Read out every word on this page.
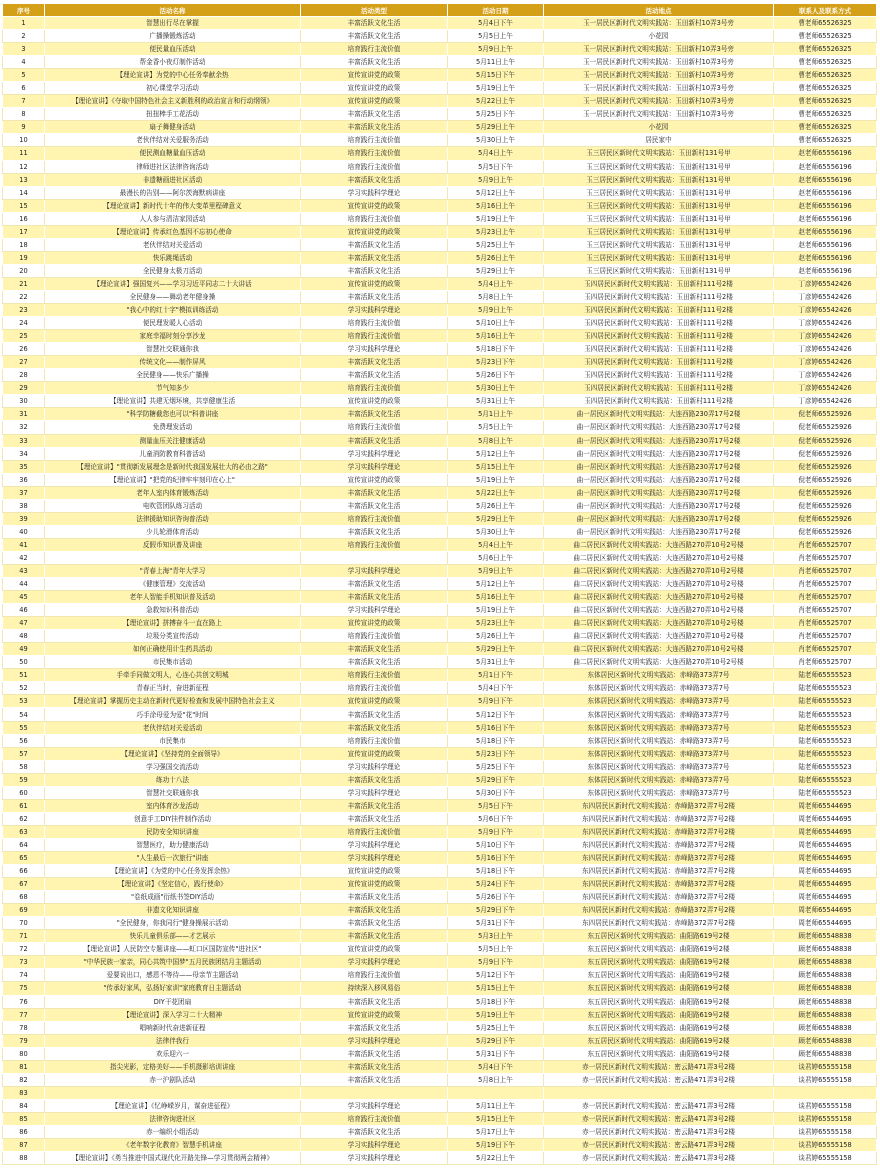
序号	活动名称	活动类型	活动日期	活动地点	联系人及联系方式
1	智慧出行尽在掌握	丰富活跃文化生活	5月4日下午	玉一居民区新时代文明实践站：玉田新村10弄3号旁	曹老师65526325
2	广播操锻炼活动	丰富活跃文化生活	5月5日上午	小花园	曹老师65526325
3	便民量血压活动	培育践行主流价值	5月9日上午	玉一居民区新时代文明实践站：玉田新村10弄3号旁	曹老师65526325
4	帮金香小夜灯制作活动	丰富活跃文化生活	5月11日上午	玉一居民区新时代文明实践站：玉田新村10弄3号旁	曹老师65526325
5	【理论宣讲】为党的中心任务奉献余热	宣传宣讲党的政策	5月15日下午	玉一居民区新时代文明实践站：玉田新村10弄3号旁	曹老师65526325
6	初心课堂学习活动	宣传宣讲党的政策	5月19日上午	玉一居民区新时代文明实践站：玉田新村10弄3号旁	曹老师65526325
7	【理论宣讲】《夺取中国特色社会主义新胜利的政治宣言和行动纲领》	宣传宣讲党的政策	5月22日上午	玉一居民区新时代文明实践站：玉田新村10弄3号旁	曹老师65526325
8	扭扭棒手工花活动	丰富活跃文化生活	5月25日下午	玉一居民区新时代文明实践站：玉田新村10弄3号旁	曹老师65526325
9	扇子舞健身活动	丰富活跃文化生活	5月29日上午	小花园	曹老师65526325
10	老伙伴结对关爱服务活动	培育践行主流价值	5月30日上午	居民家中	曹老师65526325
11	便民测血糖量血压活动	培育践行主流价值	5月4日上午	玉三居民区新时代文明实践站：玉田新村131号甲	赵老师65556196
12	律师进社区法律咨询活动	培育践行主流价值	5月5日下午	玉三居民区新时代文明实践站：玉田新村131号甲	赵老师65556196
13	非遗糖画进社区活动	丰富活跃文化生活	5月9日上午	玉三居民区新时代文明实践站：玉田新村131号甲	赵老师65556196
14	最漫长的告别——阿尔茨海默病讲座	学习实践科学理论	5月12日上午	玉三居民区新时代文明实践站：玉田新村131号甲	赵老师65556196
15	【理论宣讲】新时代十年的伟大变革里程碑意义	宣传宣讲党的政策	5月16日上午	玉三居民区新时代文明实践站：玉田新村131号甲	赵老师65556196
16	人人参与清洁家园活动	培育践行主流价值	5月19日上午	玉三居民区新时代文明实践站：玉田新村131号甲	赵老师65556196
17	【理论宣讲】传承红色基因不忘初心使命	宣传宣讲党的政策	5月23日上午	玉三居民区新时代文明实践站：玉田新村131号甲	赵老师65556196
18	老伙伴结对关爱活动	丰富活跃文化生活	5月25日上午	玉三居民区新时代文明实践站：玉田新村131号甲	赵老师65556196
19	快乐跳绳活动	丰富活跃文化生活	5月26日上午	玉三居民区新时代文明实践站：玉田新村131号甲	赵老师65556196
20	全民健身太极刀活动	丰富活跃文化生活	5月29日上午	玉三居民区新时代文明实践站：玉田新村131号甲	赵老师65556196
21	【理论宣讲】强国复兴——学习习近平同志二十大讲话	宣传宣讲党的政策	5月4日上午	玉四居民区新时代文明实践站：玉田新村111号2楼	丁彦婷65542426
22	全民健身——舞动老年健身操	丰富活跃文化生活	5月8日上午	玉四居民区新时代文明实践站：玉田新村111号2楼	丁彦婷65542426
23	"我心中的红十字"模拟训练活动	学习实践科学理论	5月9日上午	玉四居民区新时代文明实践站：玉田新村111号2楼	丁彦婷65542426
24	便民理发暖人心活动	培育践行主流价值	5月10日上午	玉四居民区新时代文明实践站：玉田新村111号2楼	丁彦婷65542426
25	家庭幸福时刻分享沙龙	培育践行主流价值	5月16日上午	玉四居民区新时代文明实践站：玉田新村111号2楼	丁彦婷65542426
26	智慧社交联通你我	学习实践科学理论	5月18日下午	玉四居民区新时代文明实践站：玉田新村111号2楼	丁彦婷65542426
27	传统文化——制作屏风	丰富活跃文化生活	5月23日下午	玉四居民区新时代文明实践站：玉田新村111号2楼	丁彦婷65542426
28	全民健身——快乐广播操	丰富活跃文化生活	5月26日下午	玉四居民区新时代文明实践站：玉田新村111号2楼	丁彦婷65542426
29	节气知多少	培育践行主流价值	5月30日上午	玉四居民区新时代文明实践站：玉田新村111号2楼	丁彦婷65542426
30	【理论宣讲】共建无烟环境，共享健康生活	宣传宣讲党的政策	5月31日上午	玉四居民区新时代文明实践站：玉田新村111号2楼	丁彦婷65542426
31	"科学防糖截您也可以"科普讲座	丰富活跃文化生活	5月1日上午	曲一居民区新时代文明实践站：大连西路230弄17号2楼	倪老师65525926
32	免费理发活动	培育践行主流价值	5月5日上午	曲一居民区新时代文明实践站：大连西路230弄17号2楼	倪老师65525926
33	测量血压关注健康活动	丰富活跃文化生活	5月8日上午	曲一居民区新时代文明实践站：大连西路230弄17号2楼	倪老师65525926
34	儿童消防教育科普活动	学习实践科学理论	5月12日上午	曲一居民区新时代文明实践站：大连西路230弄17号2楼	倪老师65525926
35	【理论宣讲】"贯彻新发展理念是新时代我国发展壮大的必由之路"	学习实践科学理论	5月15日上午	曲一居民区新时代文明实践站：大连西路230弄17号2楼	倪老师65525926
36	【理论宣讲】"把党的纪律牢牢刻印在心上"	宣传宣讲党的政策	5月19日上午	曲一居民区新时代文明实践站：大连西路230弄17号2楼	倪老师65525926
37	老年人室内体育锻炼活动	丰富活跃文化生活	5月22日上午	曲一居民区新时代文明实践站：大连西路230弄17号2楼	倪老师65525926
38	电吹管团队练习活动	丰富活跃文化生活	5月26日上午	曲一居民区新时代文明实践站：大连西路230弄17号2楼	倪老师65525926
39	法律援助知识咨询普活动	培育践行主流价值	5月29日上午	曲一居民区新时代文明实践站：大连西路230弄17号2楼	倪老师65525926
40	少儿轮滑体育活动	丰富活跃文化生活	5月30日上午	曲一居民区新时代文明实践站：大连西路230弄17号2楼	倪老师65525926
41	反假币知识普及讲座	培育践行主流价值	5月4日上午	曲二居民区新时代文明实践站：大连西路270弄10号2号楼	肖老师65525707
42			5月6日上午	曲二居民区新时代文明实践站：大连西路270弄10号2号楼	肖老师65525707
43	"青春上海"青年大学习	学习实践科学理论	5月9日上午	曲二居民区新时代文明实践站：大连西路270弄10号2号楼	肖老师65525707
44	《健康管理》交流活动	丰富活跃文化生活	5月12日上午	曲二居民区新时代文明实践站：大连西路270弄10号2号楼	肖老师65525707
45	老年人智能手机知识普及活动	丰富活跃文化生活	5月16日上午	曲二居民区新时代文明实践站：大连西路270弄10号2号楼	肖老师65525707
46	急救知识科普活动	学习实践科学理论	5月19日上午	曲二居民区新时代文明实践站：大连西路270弄10号2号楼	肖老师65525707
47	【理论宣讲】拼搏奋斗一直在路上	宣传宣讲党的政策	5月23日上午	曲二居民区新时代文明实践站：大连西路270弄10号2号楼	肖老师65525707
48	垃圾分类宣传活动	培育践行主流价值	5月26日上午	曲二居民区新时代文明实践站：大连西路270弄10号2号楼	肖老师65525707
49	如何正确使用计生药具活动	丰富活跃文化生活	5月29日上午	曲二居民区新时代文明实践站：大连西路270弄10号2号楼	肖老师65525707
50	市民集市活动	丰富活跃文化生活	5月31日上午	曲二居民区新时代文明实践站：大连西路270弄10号2号楼	肖老师65525707
51	手牵手同做文明人，心连心共创文明城	培育践行主流价值	5月1日下午	东体居民区新时代文明实践站：赤峰路373弄7号	陆老师65555523
52	青春正当时，奋进新征程	培育践行主流价值	5月4日下午	东体居民区新时代文明实践站：赤峰路373弄7号	陆老师65555523
53	【理论宣讲】掌握历史主动在新时代更好检查和发展中国特色社会主义	宣传宣讲党的政策	5月9日下午	东体居民区新时代文明实践站：赤峰路373弄7号	陆老师65555523
54	巧手涂母爱为爱"花"时间	丰富活跃文化生活	5月12日下午	东体居民区新时代文明实践站：赤峰路373弄7号	陆老师65555523
55	老伙伴结对关爱活动	丰富活跃文化生活	5月16日下午	东体居民区新时代文明实践站：赤峰路373弄7号	陆老师65555523
56	市民集市	培育践行主流价值	5月18日下午	东体居民区新时代文明实践站：赤峰路373弄7号	陆老师65555523
57	【理论宣讲】《坚持党的全面领导》	宣传宣讲党的政策	5月23日下午	东体居民区新时代文明实践站：赤峰路373弄7号	陆老师65555523
58	学习强国交流活动	学习实践科学理论	5月25日下午	东体居民区新时代文明实践站：赤峰路373弄7号	陆老师65555523
59	练功十八法	丰富活跃文化生活	5月29日下午	东体居民区新时代文明实践站：赤峰路373弄7号	陆老师65555523
60	智慧社交联通你我	学习实践科学理论	5月30日下午	东体居民区新时代文明实践站：赤峰路373弄7号	陆老师65555523
61	室内体育沙龙活动	丰富活跃文化生活	5月5日下午	东四居民区新时代文明实践站：赤峰路372弄7号2楼	周老师65544695
62	创意手工DIY挂件制作活动	丰富活跃文化生活	5月6日下午	东四居民区新时代文明实践站：赤峰路372弄7号2楼	周老师65544695
63	民防安全知识讲座	培育践行主流价值	5月9日下午	东四居民区新时代文明实践站：赤峰路372弄7号2楼	周老师65544695
64	智慧医疗，助力健康活动	学习实践科学理论	5月10日下午	东四居民区新时代文明实践站：赤峰路372弄7号2楼	周老师65544695
65	"人生最后一次旅行"讲座	学习实践科学理论	5月16日下午	东四居民区新时代文明实践站：赤峰路372弄7号2楼	周老师65544695
66	【理论宣讲】《为党的中心任务发挥余热》	宣传宣讲党的政策	5月18日下午	东四居民区新时代文明实践站：赤峰路372弄7号2楼	周老师65544695
67	【理论宣讲】《坚定信心，践行使命》	宣传宣讲党的政策	5月24日下午	东四居民区新时代文明实践站：赤峰路372弄7号2楼	周老师65544695
68	"卷纸成画"衍纸书签DIY活动	丰富活跃文化生活	5月26日下午	东四居民区新时代文明实践站：赤峰路372弄7号2楼	周老师65544695
69	非遗文化知识讲座	丰富活跃文化生活	5月29日下午	东四居民区新时代文明实践站：赤峰路372弄7号2楼	周老师65544695
70	"全民健身，你我同行"健身操展示活动	丰富活跃文化生活	5月31日下午	东四居民区新时代文明实践站：赤峰路372弄7号2楼	周老师65544695
71	快乐儿童俱乐部——才艺展示	丰富活跃文化生活	5月3日上午	东五居民区新时代文明实践站：曲阳路619号2楼	顾老师65548838
72	【理论宣讲】人民防空专题讲座——虹口区国防宣传"进社区"	宣传宣讲党的政策	5月5日上午	东五居民区新时代文明实践站：曲阳路619号2楼	顾老师65548838
73	"中华民族一家亲，同心共筑中国梦"五月民族团结月主题活动	学习实践科学理论	5月9日下午	东五居民区新时代文明实践站：曲阳路619号2楼	顾老师65548838
74	爱要说出口，感恩不等待——母亲节主题活动	培育践行主流价值	5月12日下午	东五居民区新时代文明实践站：曲阳路619号2楼	顾老师65548838
75	"传承好家风，弘扬好家训"家庭教育日主题活动	持续深入移风易俗	5月15日上午	东五居民区新时代文明实践站：曲阳路619号2楼	顾老师65548838
76	DIY干花团扇	丰富活跃文化生活	5月18日下午	东五居民区新时代文明实践站：曲阳路619号2楼	顾老师65548838
77	【理论宣讲】深入学习二十大精神	宣传宣讲党的政策	5月19日上午	东五居民区新时代文明实践站：曲阳路619号2楼	顾老师65548838
78	唱响新时代奋进新征程	丰富活跃文化生活	5月25日上午	东五居民区新时代文明实践站：曲阳路619号2楼	顾老师65548838
79	法律伴我行	学习实践科学理论	5月29日下午	东五居民区新时代文明实践站：曲阳路619号2楼	顾老师65548838
80	欢乐迎六一	丰富活跃文化生活	5月31日下午	东五居民区新时代文明实践站：曲阳路619号2楼	顾老师65548838
81	指尖光影，定格美好——手机摄影培训讲座	丰富活跃文化生活	5月4日下午	赤一居民区新时代文明实践站：密云路471弄3号2楼	谈君婷65555158
82	赤一沪剧队活动	丰富活跃文化生活	5月8日上午	赤一居民区新时代文明实践站：密云路471弄3号2楼	谈君婷65555158
83					
84	【理论宣讲】《忆峥嵘岁月，谋奋进征程》	学习实践科学理论	5月11日上午	赤一居民区新时代文明实践站：密云路471弄3号2楼	谈君婷65555158
85	法律咨询进社区	培育践行主流价值	5月15日上午	赤一居民区新时代文明实践站：密云路471弄3号2楼	谈君婷65555158
86	赤一编织小组活动	丰富活跃文化生活	5月17日上午	赤一居民区新时代文明实践站：密云路471弄3号2楼	谈君婷65555158
87	《老年数字化教育》智慧手机讲座	学习实践科学理论	5月19日下午	赤一居民区新时代文明实践站：密云路471弄3号2楼	谈君婷65555158
88	【理论宣讲】《勇当推进中国式现代化开路先锋—学习贯彻两会精神》	学习实践科学理论	5月22日上午	赤一居民区新时代文明实践站：密云路471弄3号2楼	谈君婷65555158
